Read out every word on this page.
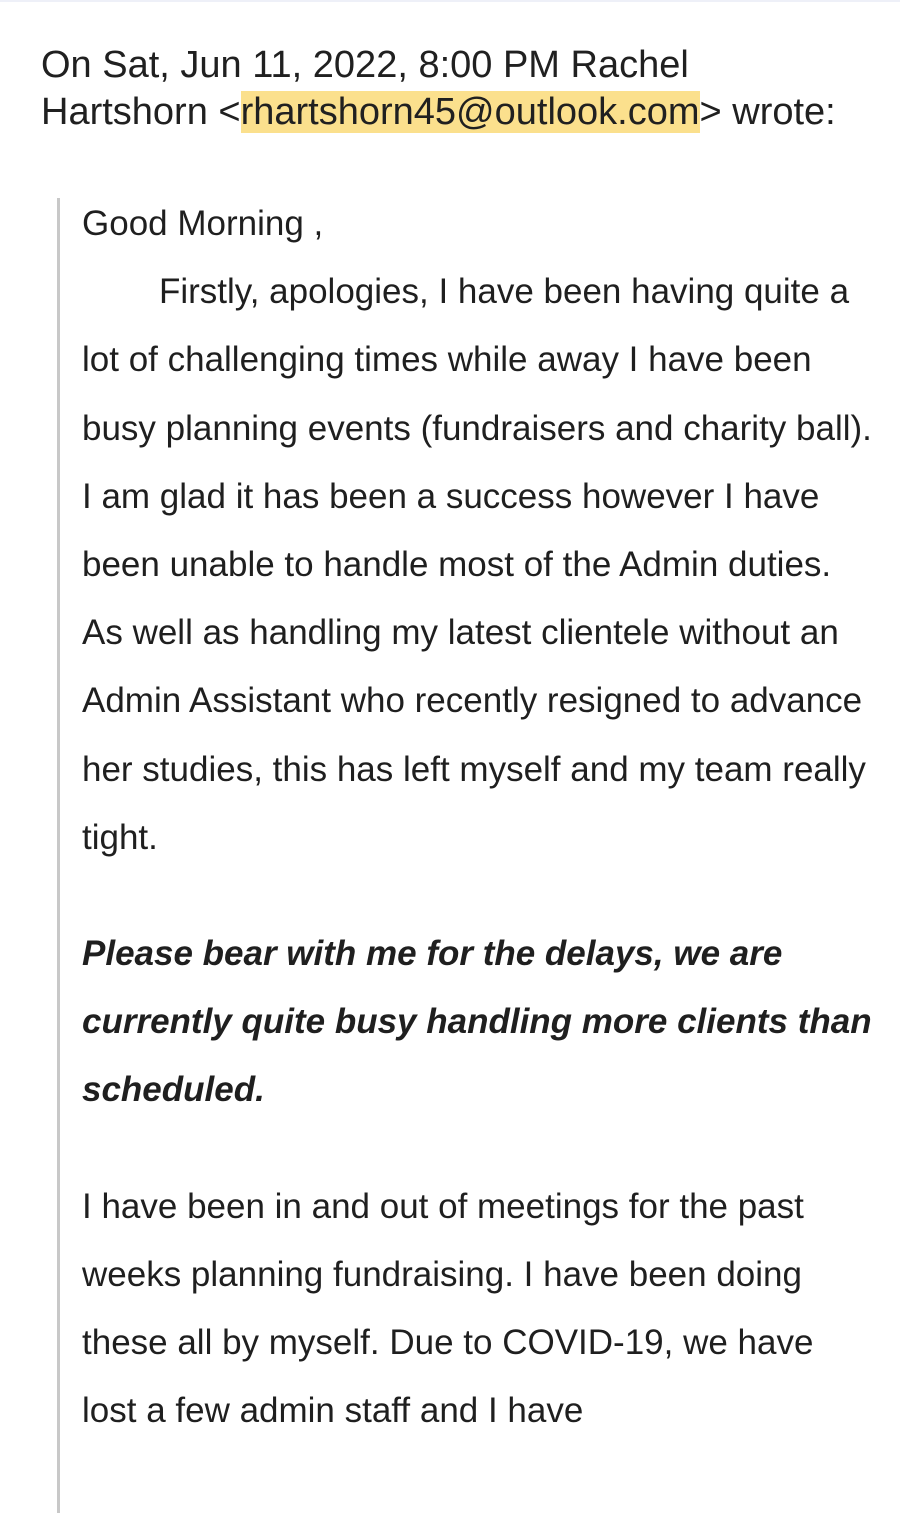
On Sat, Jun 11, 2022, 8:00 PM Rachel Hartshorn <rhartshorn45@outlook.com> wrote:

Good Morning ,

Firstly, apologies, I have been having quite a lot of challenging times while away I have been busy planning events (fundraisers and charity ball). I am glad it has been a success however I have been unable to handle most of the Admin duties. As well as handling my latest clientele without an Admin Assistant who recently resigned to advance her studies, this has left myself and my team really tight.

Please bear with me for the delays, we are currently quite busy handling more clients than scheduled.

I have been in and out of meetings for the past weeks planning fundraising. I have been doing these all by myself. Due to COVID-19, we have lost a few admin staff and I have
